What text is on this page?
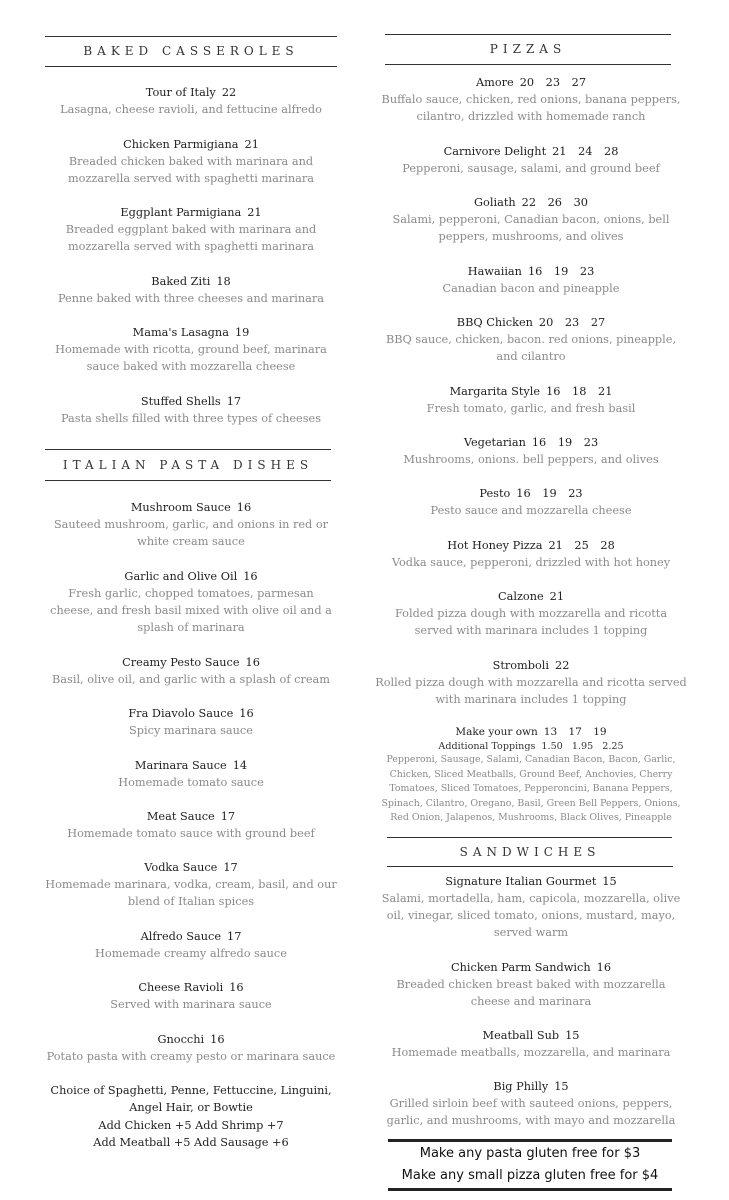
BAKED CASSEROLES
Tour of Italy 22
Lasagna, cheese ravioli, and fettucine alfredo
Chicken Parmigiana 21
Breaded chicken baked with marinara and mozzarella served with spaghetti marinara
Eggplant Parmigiana 21
Breaded eggplant baked with marinara and mozzarella served with spaghetti marinara
Baked Ziti 18
Penne baked with three cheeses and marinara
Mama's Lasagna 19
Homemade with ricotta, ground beef, marinara sauce baked with mozzarella cheese
Stuffed Shells 17
Pasta shells filled with three types of cheeses
ITALIAN PASTA DISHES
Mushroom Sauce 16
Sauteed mushroom, garlic, and onions in red or white cream sauce
Garlic and Olive Oil 16
Fresh garlic, chopped tomatoes, parmesan cheese, and fresh basil mixed with olive oil and a splash of marinara
Creamy Pesto Sauce 16
Basil, olive oil, and garlic with a splash of cream
Fra Diavolo Sauce 16
Spicy marinara sauce
Marinara Sauce 14
Homemade tomato sauce
Meat Sauce 17
Homemade tomato sauce with ground beef
Vodka Sauce 17
Homemade marinara, vodka, cream, basil, and our blend of Italian spices
Alfredo Sauce 17
Homemade creamy alfredo sauce
Cheese Ravioli 16
Served with marinara sauce
Gnocchi 16
Potato pasta with creamy pesto or marinara sauce
Choice of Spaghetti, Penne, Fettuccine, Linguini, Angel Hair, or Bowtie
Add Chicken +5 Add Shrimp +7
Add Meatball +5 Add Sausage +6
PIZZAS
Amore 20 23 27
Buffalo sauce, chicken, red onions, banana peppers, cilantro, drizzled with homemade ranch
Carnivore Delight 21 24 28
Pepperoni, sausage, salami, and ground beef
Goliath 22 26 30
Salami, pepperoni, Canadian bacon, onions, bell peppers, mushrooms, and olives
Hawaiian 16 19 23
Canadian bacon and pineapple
BBQ Chicken 20 23 27
BBQ sauce, chicken, bacon. red onions, pineapple, and cilantro
Margarita Style 16 18 21
Fresh tomato, garlic, and fresh basil
Vegetarian 16 19 23
Mushrooms, onions. bell peppers, and olives
Pesto 16 19 23
Pesto sauce and mozzarella cheese
Hot Honey Pizza 21 25 28
Vodka sauce, pepperoni, drizzled with hot honey
Calzone 21
Folded pizza dough with mozzarella and ricotta served with marinara includes 1 topping
Stromboli 22
Rolled pizza dough with mozzarella and ricotta served with marinara includes 1 topping
Make your own 13 17 19
Additional Toppings 1.50 1.95 2.25
Pepperoni, Sausage, Salami, Canadian Bacon, Bacon, Garlic, Chicken, Sliced Meatballs, Ground Beef, Anchovies, Cherry Tomatoes, Sliced Tomatoes, Pepperoncini, Banana Peppers, Spinach, Cilantro, Oregano, Basil, Green Bell Peppers, Onions, Red Onion, Jalapenos, Mushrooms, Black Olives, Pineapple
SANDWICHES
Signature Italian Gourmet 15
Salami, mortadella, ham, capicola, mozzarella, olive oil, vinegar, sliced tomato, onions, mustard, mayo, served warm
Chicken Parm Sandwich 16
Breaded chicken breast baked with mozzarella cheese and marinara
Meatball Sub 15
Homemade meatballs, mozzarella, and marinara
Big Philly 15
Grilled sirloin beef with sauteed onions, peppers, garlic, and mushrooms, with mayo and mozzarella
Make any pasta gluten free for $3
Make any small pizza gluten free for $4
